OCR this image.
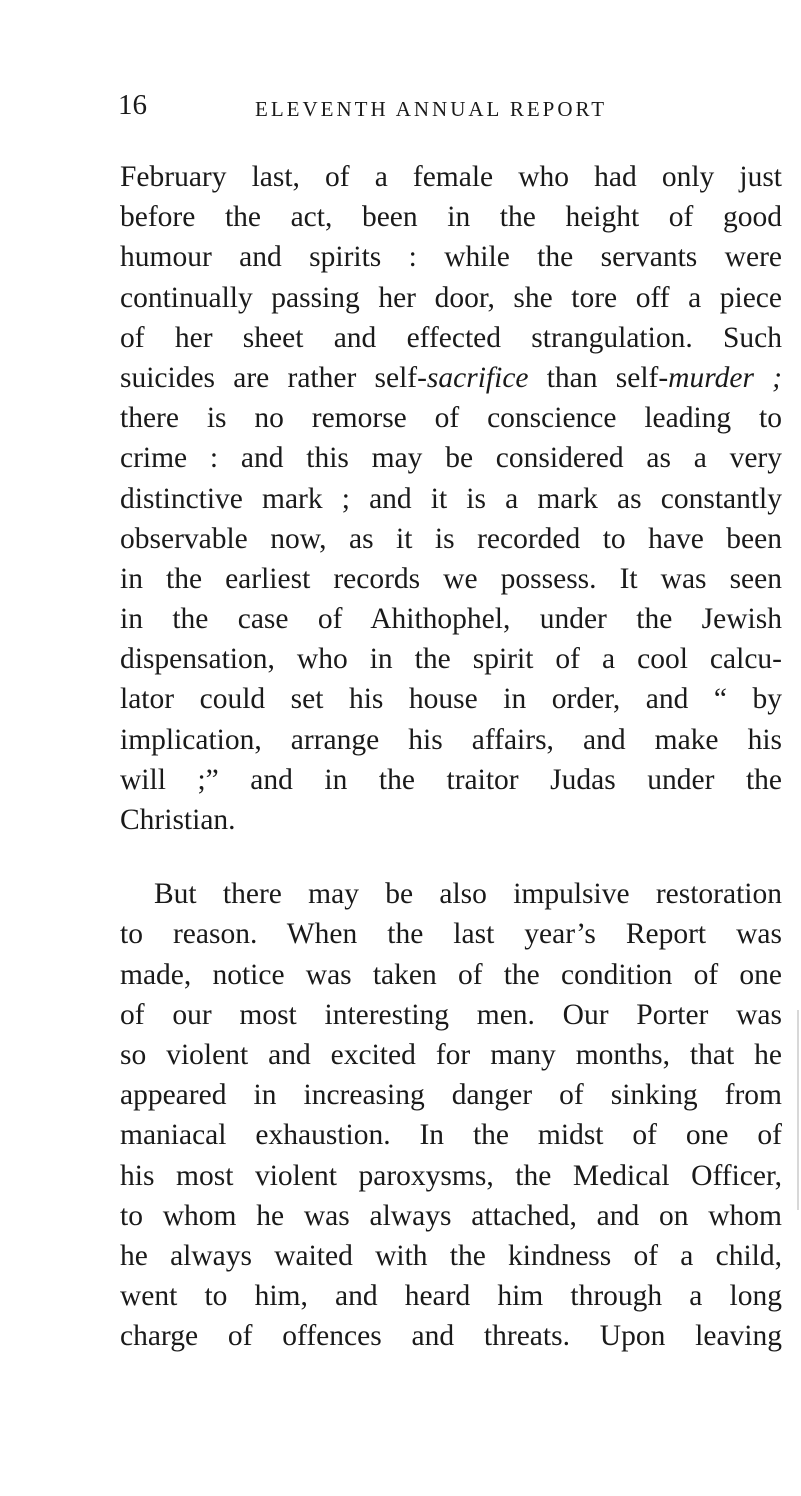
16	ELEVENTH ANNUAL REPORT
February last, of a female who had only just
before the act, been in the height of good
humour and spirits : while the servants were
continually passing her door, she tore off a piece
of her sheet and effected strangulation. Such
suicides are rather self-sacrifice than self-murder ;
there is no remorse of conscience leading to
crime : and this may be considered as a very
distinctive mark ; and it is a mark as constantly
observable now, as it is recorded to have been
in the earliest records we possess. It was seen
in the case of Ahithophel, under the Jewish
dispensation, who in the spirit of a cool calcu-
lator could set his house in order, and “ by
implication, arrange his affairs, and make his
will ;” and in the traitor Judas under the
Christian.
But there may be also impulsive restoration
to reason. When the last year’s Report was
made, notice was taken of the condition of one
of our most interesting men. Our Porter was
so violent and excited for many months, that he
appeared in increasing danger of sinking from
maniacal exhaustion. In the midst of one of
his most violent paroxysms, the Medical Officer,
to whom he was always attached, and on whom
he always waited with the kindness of a child,
went to him, and heard him through a long
charge of offences and threats. Upon leaving
